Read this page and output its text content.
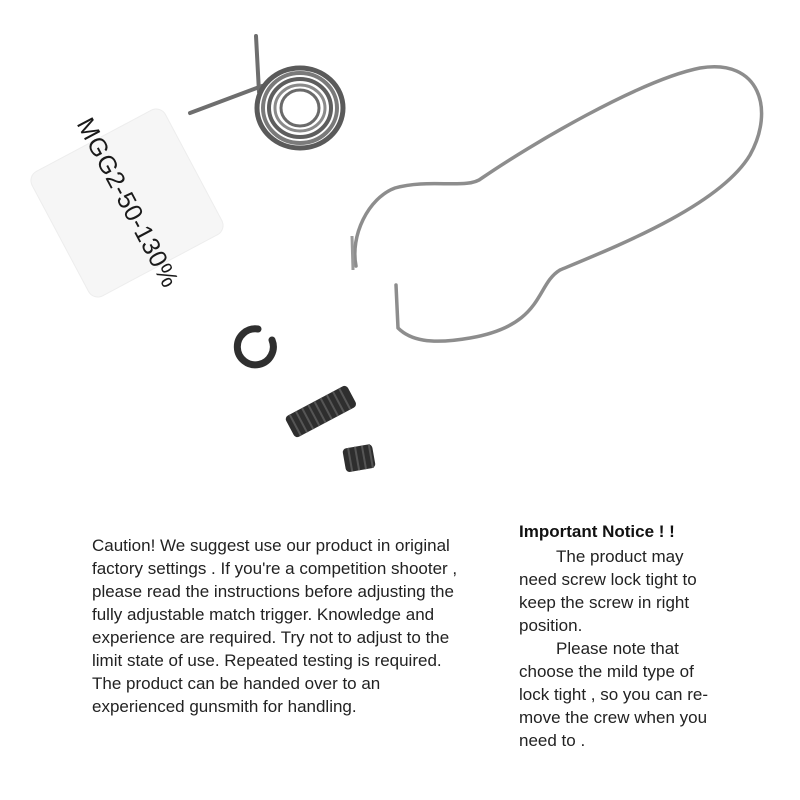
MGG2-50-130%

Caution! We suggest use our product in original factory settings . If you're a competition shooter , please read the instructions before adjusting the fully adjustable match trigger. Knowledge and experience are required. Try not to adjust to the limit state of use. Repeated testing is required. The product can be handed over to an experienced gunsmith for handling.

Important Notice ! !

The product may need screw lock tight to keep the screw in right position.

Please note that choose the mild type of lock tight , so you can re-move the crew when you need to .
